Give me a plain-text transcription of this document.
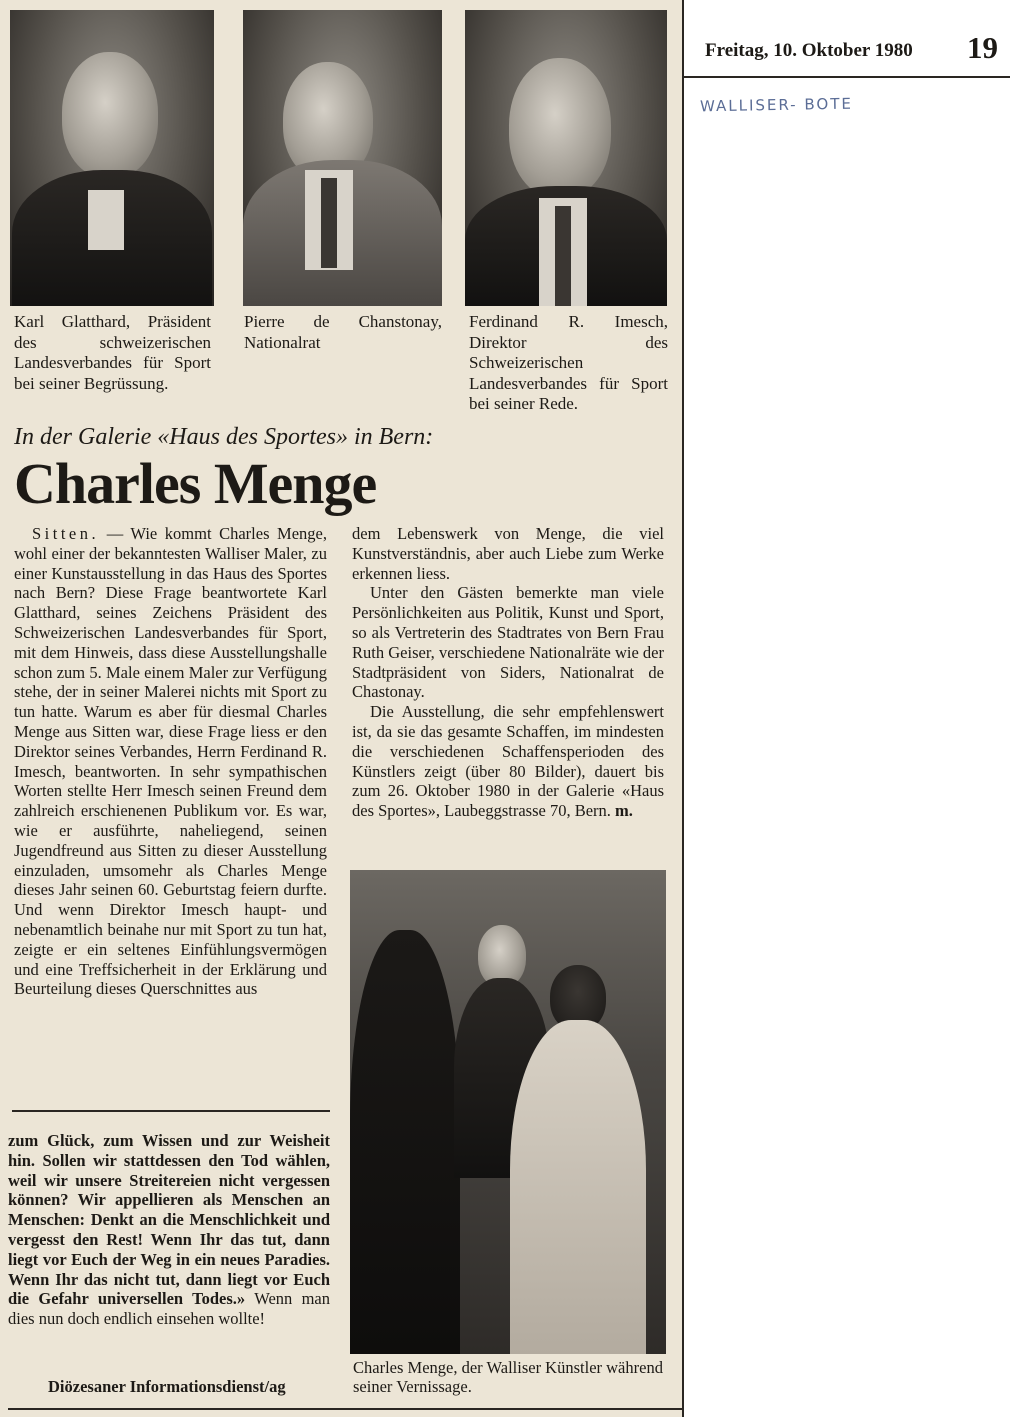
Freitag, 10. Oktober 1980 19
WALLISER- BOTE
Karl Glatthard, Präsident des schweizerischen Landesverbandes für Sport bei seiner Begrüssung.
Pierre de Chanstonay, Nationalrat
Ferdinand R. Imesch, Direktor des Schweizerischen Landesverbandes für Sport bei seiner Rede.
In der Galerie «Haus des Sportes» in Bern:
Charles Menge

Sitten. — Wie kommt Charles Menge, wohl einer der bekanntesten Walliser Maler, zu einer Kunstausstellung in das Haus des Sportes nach Bern? Diese Frage beantwortete Karl Glatthard, seines Zeichens Präsident des Schweizerischen Landesverbandes für Sport, mit dem Hinweis, dass diese Ausstellungshalle schon zum 5. Male einem Maler zur Verfügung stehe, der in seiner Malerei nichts mit Sport zu tun hatte. Warum es aber für diesmal Charles Menge aus Sitten war, diese Frage liess er den Direktor seines Verbandes, Herrn Ferdinand R. Imesch, beantworten. In sehr sympathischen Worten stellte Herr Imesch seinen Freund dem zahlreich erschienenen Publikum vor. Es war, wie er ausführte, naheliegend, seinen Jugendfreund aus Sitten zu dieser Ausstellung einzuladen, umsomehr als Charles Menge dieses Jahr seinen 60. Geburtstag feiern durfte. Und wenn Direktor Imesch haupt- und nebenamtlich beinahe nur mit Sport zu tun hat, zeigte er ein seltenes Einfühlungsvermögen und eine Treffsicherheit in der Erklärung und Beurteilung dieses Querschnittes aus

dem Lebenswerk von Menge, die viel Kunstverständnis, aber auch Liebe zum Werke erkennen liess.

Unter den Gästen bemerkte man viele Persönlichkeiten aus Politik, Kunst und Sport, so als Vertreterin des Stadtrates von Bern Frau Ruth Geiser, verschiedene Nationalräte wie der Stadtpräsident von Siders, Nationalrat de Chastonay.

Die Ausstellung, die sehr empfehlenswert ist, da sie das gesamte Schaffen, im mindesten die verschiedenen Schaffensperioden des Künstlers zeigt (über 80 Bilder), dauert bis zum 26. Oktober 1980 in der Galerie «Haus des Sportes», Laubeggstrasse 70, Bern. m.

Charles Menge, der Walliser Künstler während seiner Vernissage.

zum Glück, zum Wissen und zur Weisheit hin. Sollen wir stattdessen den Tod wählen, weil wir unsere Streitereien nicht vergessen können? Wir appellieren als Menschen an Menschen: Denkt an die Menschlichkeit und vergesst den Rest! Wenn Ihr das tut, dann liegt vor Euch der Weg in ein neues Paradies. Wenn Ihr das nicht tut, dann liegt vor Euch die Gefahr universellen Todes.» Wenn man dies nun doch endlich einsehen wollte!

Diözesaner Informationsdienst/ag
